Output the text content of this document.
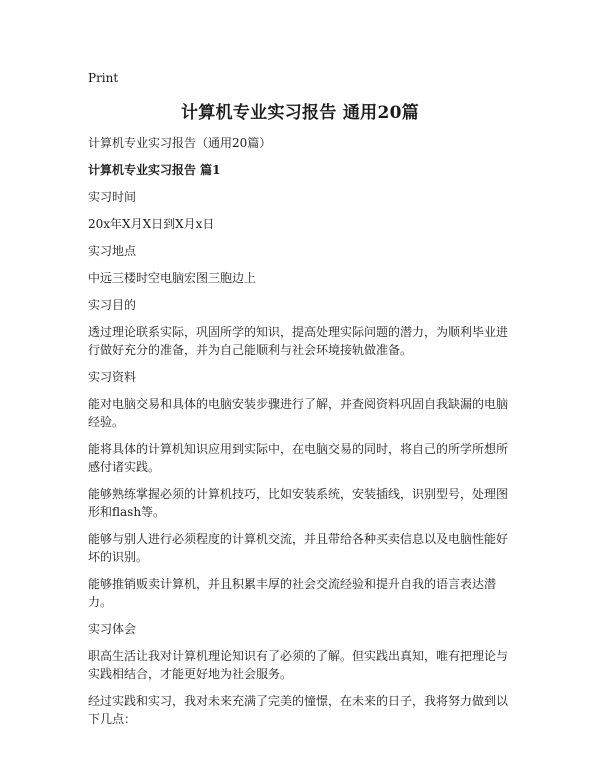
Print
计算机专业实习报告 通用20篇

计算机专业实习报告（通用20篇）

计算机专业实习报告 篇1

实习时间

20x年X月X日到X月x日

实习地点

中远三楼时空电脑宏图三胞边上

实习目的

透过理论联系实际，巩固所学的知识，提高处理实际问题的潜力，为顺利毕业进行做好充分的准备，并为自己能顺利与社会环境接轨做准备。

实习资料

能对电脑交易和具体的电脑安装步骤进行了解，并查阅资料巩固自我缺漏的电脑经验。

能将具体的计算机知识应用到实际中，在电脑交易的同时，将自己的所学所想所感付诸实践。

能够熟练掌握必须的计算机技巧，比如安装系统，安装插线，识别型号，处理图形和flash等。

能够与别人进行必须程度的计算机交流，并且带给各种买卖信息以及电脑性能好坏的识别。

能够推销贩卖计算机，并且积累丰厚的社会交流经验和提升自我的语言表达潜力。

实习体会

职高生活让我对计算机理论知识有了必须的了解。但实践出真知，唯有把理论与实践相结合，才能更好地为社会服务。

经过实践和实习，我对未来充满了完美的憧憬，在未来的日子，我将努力做到以下几点：
